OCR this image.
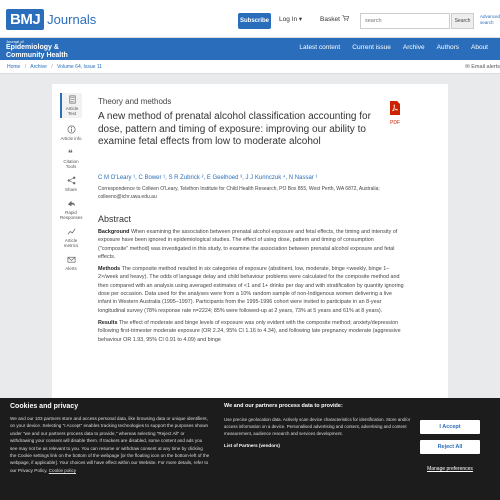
BMJ Journals	Subscribe	Log In ▾	Basket
search	Search
Advanced search
Journal of
Epidemiology &
Community Health
Latest content Current issue Archive Authors About
Home / Archive / Volume 64, Issue 11	✉ Email alerts
Article Text
Article info
❝
Citation Tools
Share
Rapid Responses
Article metrics
Alerts
Theory and methods
A new method of prenatal alcohol classification accounting for dose, pattern and timing of exposure: improving our ability to examine fetal effects from low to moderate alcohol
PDF
C M O'Leary ¹, C Bower ¹, S R Zubrick ², E Geelhoed ³, J J Kurinczuk ⁴, N Nassar ¹
Correspondence to Colleen O'Leary, Telethon Institute for Child Health Research, PO Box 855, West Perth, WA 6872, Australia; colleeno@ichr.uwa.edu.au
Abstract

Background When examining the association between prenatal alcohol exposure and fetal effects, the timing and intensity of exposure have been ignored in epidemiological studies. The effect of using dose, pattern and timing of consumption ("composite" method) was investigated in this study, to examine the association between prenatal alcohol exposure and fetal effects.

Methods The composite method resulted in six categories of exposure (abstinent, low, moderate, binge <weekly, binge 1–2×/week and heavy). The odds of language delay and child behaviour problems were calculated for the composite method and then compared with an analysis using averaged estimates of <1 and 1+ drinks per day and with stratification by quantity ignoring dose per occasion. Data used for the analyses were from a 10% random sample of non-Indigenous women delivering a live infant in Western Australia (1995–1997). Participants from the 1995-1996 cohort were invited to participate in an 8-year longitudinal survey (78% response rate n=2224; 85% were followed-up at 2 years, 73% at 5 years and 61% at 8 years).

Results The effect of moderate and binge levels of exposure was only evident with the composite method; anxiety/depression following first-trimester moderate exposure (OR 2.24, 95% CI 1.16 to 4.34), and following late pregnancy moderate (aggressive behaviour OR 1.93, 95% CI 0.91 to 4.09) and binge

Cookies and privacy

We and our 103 partners store and access personal data, like browsing data or unique identifiers, on your device. Selecting "I Accept" enables tracking technologies to support the purposes shown under "we and our partners process data to provide," whereas selecting "Reject All" or withdrawing your consent will disable them. If trackers are disabled, some content and ads you see may not be as relevant to you. You can resume or withdraw consent at any time by clicking the Cookie settings link on the bottom of the webpage [or the floating icon on the bottom-left of the webpage, if applicable]. Your choices will have effect within our Website. For more details, refer to our Privacy Policy. Cookie policy

We and our partners process data to provide:

Use precise geolocation data. Actively scan device characteristics for identification. Store and/or access information on a device. Personalised advertising and content, advertising and content measurement, audience research and services development.

List of Partners (vendors)

I Accept
Reject All
Manage preferences
